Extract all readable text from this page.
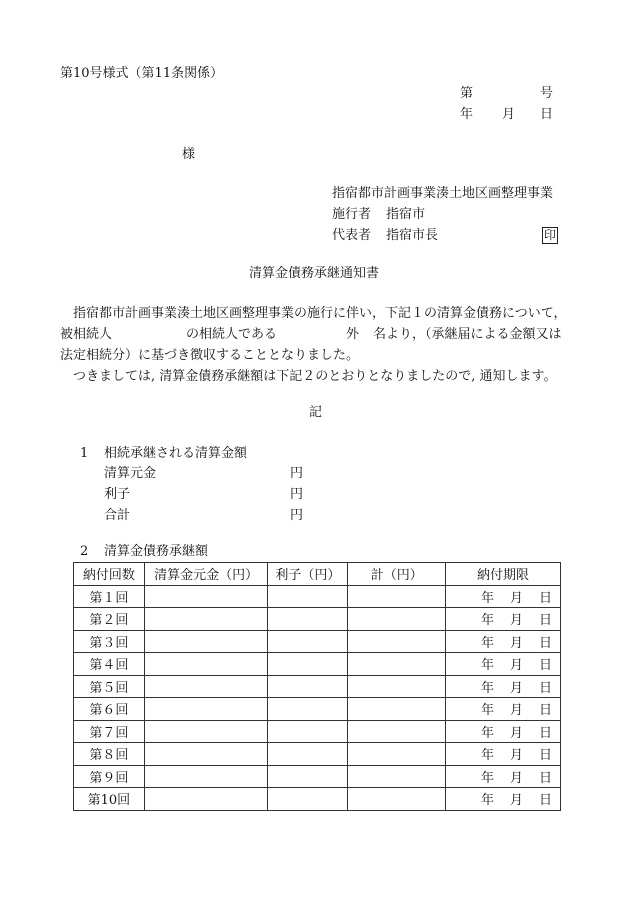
第10号様式（第11条関係）
第	号
年 月 日
様
指宿都市計画事業湊土地区画整理事業
施行者 指宿市
代表者 指宿市長	印
清算金債務承継通知書
指宿都市計画事業湊土地区画整理事業の施行に伴い，下記１の清算金債務について，
被相続人	の相続人である	外 名より，（承継届による金額又は
法定相続分）に基づき徴収することとなりました。
つきましては, 清算金債務承継額は下記２のとおりとなりましたので, 通知します。
記
1 相続承継される清算金額
清算元金	円
利子	円
合計	円
2 清算金債務承継額
納付回数	清算金元金（円）	利子（円）	計（円）	納付期限
第１回				年 月 日

第２回				年 月 日

第３回				年 月 日

第４回				年 月 日

第５回				年 月 日

第６回				年 月 日

第７回				年 月 日

第８回				年 月 日

第９回				年 月 日

第10回				年 月 日
